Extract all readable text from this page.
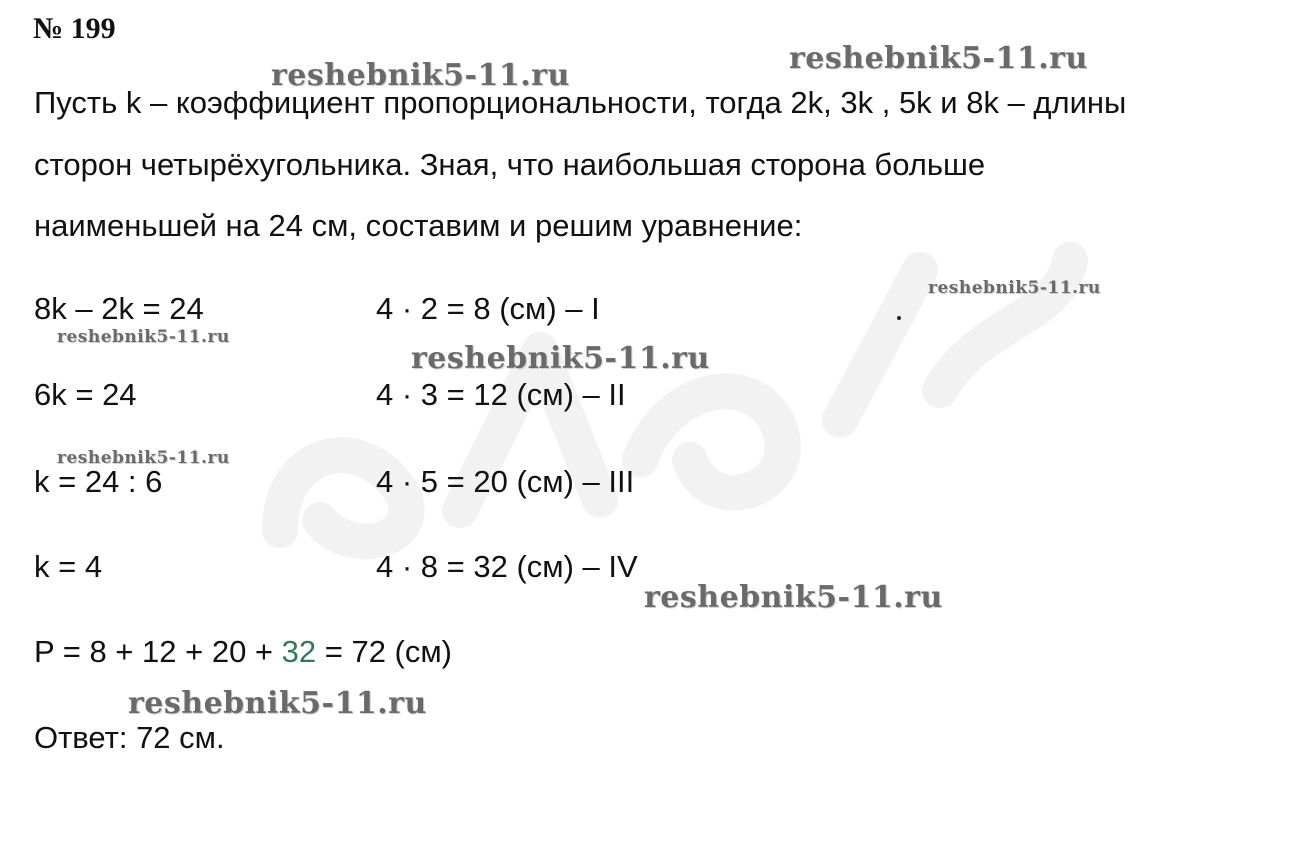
№ 199
Пусть k – коэффициент пропорциональности, тогда 2k, 3k , 5k и 8k – длины
сторон четырёхугольника. Зная, что наибольшая сторона больше
наименьшей на 24 см, составим и решим уравнение:
8k – 2k = 24
6k = 24
k = 24 : 6
k = 4
4 · 2 = 8 (см) – I
4 · 3 = 12 (см) – II
4 · 5 = 20 (см) – III
4 · 8 = 32 (см) – IV
P = 8 + 12 + 20 + 32 = 72 (см)
Ответ: 72 см.
reshebnik5-11.ru	reshebnik5-11.ru
reshebnik5-11.ru
reshebnik5-11.ru
reshebnik5-11.ru
reshebnik5-11.ru
reshebnik5-11.ru
reshebnik5-11.ru
